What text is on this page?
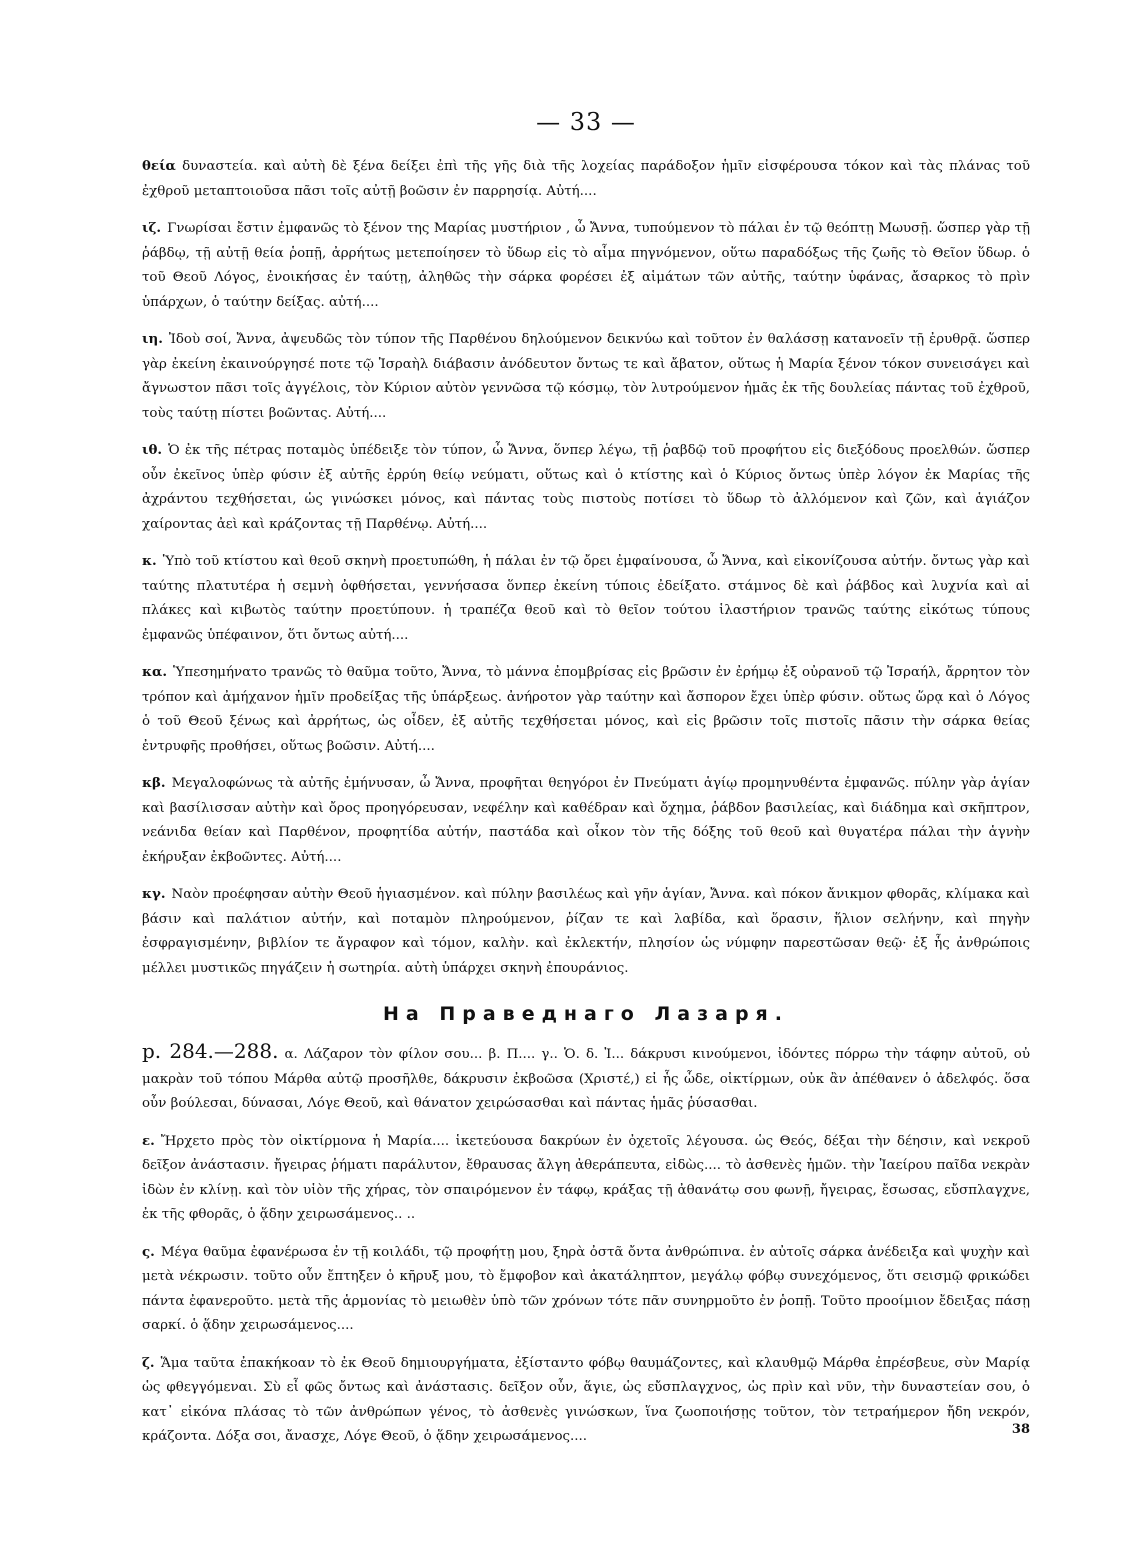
— 33 —

θεία δυναστεία. καὶ αὐτὴ δὲ ξένα δείξει ἐπὶ τῆς γῆς διὰ τῆς λοχείας παράδοξον ἡμῖν εἰσφέρουσα τόκον καὶ τὰς πλάνας τοῦ ἐχθροῦ μεταπτοιοῦσα πᾶσι τοῖς αὐτῇ βοῶσιν ἐν παρρησίᾳ. Αὐτή....

ιζ. Γνωρίσαι ἔστιν ἐμφανῶς τὸ ξένον της Μαρίας μυστήριον , ὦ Ἄννα, τυπούμενον τὸ πάλαι ἐν τῷ θεόπτῃ Μωυσῇ. ὥσπερ γὰρ τῇ ῥάβδῳ, τῇ αὐτῇ θεία ῥοπῇ, ἀρρήτως μετεποίησεν τὸ ὕδωρ εἰς τὸ αἷμα πηγνόμενον, οὕτω παραδόξως τῆς ζωῆς τὸ Θεῖον ὕδωρ. ὁ τοῦ Θεοῦ Λόγος, ἐνοικήσας ἐν ταύτῃ, ἀληθῶς τὴν σάρκα φορέσει ἐξ αἱμάτων τῶν αὐτῆς, ταύτην ὑφάνας, ἄσαρκος τὸ πρὶν ὑπάρχων, ὁ ταύτην δείξας. αὐτή....

ιη. Ἰδοὺ σοί, Ἄννα, ἀψευδῶς τὸν τύπον τῆς Παρθένου δηλούμενον δεικνύω καὶ τοῦτον ἐν θαλάσσῃ κατανοεῖν τῇ ἐρυθρᾷ. ὥσπερ γὰρ ἐκείνη ἐκαινούργησέ ποτε τῷ Ἰσραὴλ διάβασιν ἀνόδευτον ὄντως τε καὶ ἄβατον, οὕτως ἡ Μαρία ξένον τόκον συνεισάγει καὶ ἄγνωστον πᾶσι τοῖς ἀγγέλοις, τὸν Κύριον αὐτὸν γεννῶσα τῷ κόσμῳ, τὸν λυτρούμενον ἡμᾶς ἐκ τῆς δουλείας πάντας τοῦ ἐχθροῦ, τοὺς ταύτῃ πίστει βοῶντας. Αὐτή....

ιθ. Ὁ ἐκ τῆς πέτρας ποταμὸς ὑπέδειξε τὸν τύπον, ὦ Ἄννα, ὅνπερ λέγω, τῇ ῥαβδῷ τοῦ προφήτου εἰς διεξόδους προελθών. ὥσπερ οὖν ἐκεῖνος ὑπὲρ φύσιν ἐξ αὐτῆς ἐρρύη θείῳ νεύματι, οὕτως καὶ ὁ κτίστης καὶ ὁ Κύριος ὄντως ὑπὲρ λόγον ἐκ Μαρίας τῆς ἀχράντου τεχθήσεται, ὡς γινώσκει μόνος, καὶ πάντας τοὺς πιστοὺς ποτίσει τὸ ὕδωρ τὸ ἀλλόμενον καὶ ζῶν, καὶ ἁγιάζον χαίροντας ἀεὶ καὶ κράζοντας τῇ Παρθένῳ. Αὐτή....

κ. Ὑπὸ τοῦ κτίστου καὶ θεοῦ σκηνὴ προετυπώθη, ἡ πάλαι ἐν τῷ ὄρει ἐμφαίνουσα, ὦ Ἄννα, καὶ εἰκονίζουσα αὐτήν. ὄντως γὰρ καὶ ταύτης πλατυτέρα ἡ σεμνὴ ὀφθήσεται, γεννήσασα ὅνπερ ἐκείνη τύποις ἐδείξατο. στάμνος δὲ καὶ ῥάβδος καὶ λυχνία καὶ αἱ πλάκες καὶ κιβωτὸς ταύτην προετύπουν. ἡ τραπέζα θεοῦ καὶ τὸ θεῖον τούτου ἱλαστήριον τρανῶς ταύτης εἰκότως τύπους ἐμφανῶς ὑπέφαινον, ὅτι ὄντως αὐτή....

κα. Ὑπεσημήνατο τρανῶς τὸ θαῦμα τοῦτο, Ἄννα, τὸ μάννα ἐπομβρίσας εἰς βρῶσιν ἐν ἐρήμῳ ἐξ οὐρανοῦ τῷ Ἰσραήλ, ἄρρητον τὸν τρόπον καὶ ἀμήχανον ἡμῖν προδείξας τῆς ὑπάρξεως. ἀνήροτον γὰρ ταύτην καὶ ἄσπορον ἔχει ὑπὲρ φύσιν. οὕτως ὥρᾳ καὶ ὁ Λόγος ὁ τοῦ Θεοῦ ξένως καὶ ἀρρήτως, ὡς οἶδεν, ἐξ αὐτῆς τεχθήσεται μόνος, καὶ εἰς βρῶσιν τοῖς πιστοῖς πᾶσιν τὴν σάρκα θείας ἐντρυφῆς προθήσει, οὕτως βοῶσιν. Αὐτή....

κβ. Μεγαλοφώνως τὰ αὐτῆς ἐμήνυσαν, ὦ Ἄννα, προφῆται θεηγόροι ἐν Πνεύματι ἁγίῳ προμηνυθέντα ἐμφανῶς. πύλην γὰρ ἁγίαν καὶ βασίλισσαν αὐτὴν καὶ ὄρος προηγόρευσαν, νεφέλην καὶ καθέδραν καὶ ὄχημα, ῥάβδον βασιλείας, καὶ διάδημα καὶ σκῆπτρον, νεάνιδα θείαν καὶ Παρθένον, προφητίδα αὐτήν, παστάδα καὶ οἶκον τὸν τῆς δόξης τοῦ θεοῦ καὶ θυγατέρα πάλαι τὴν ἁγνὴν ἐκήρυξαν ἐκβοῶντες. Αὐτή....

κγ. Ναὸν προέφησαν αὐτὴν Θεοῦ ἡγιασμένον. καὶ πύλην βασιλέως καὶ γῆν ἁγίαν, Ἄννα. καὶ πόκον ἄνικμον φθορᾶς, κλίμακα καὶ βάσιν καὶ παλάτιον αὐτήν, καὶ ποταμὸν πληρούμενον, ῥίζαν τε καὶ λαβίδα, καὶ ὅρασιν, ἥλιον σελήνην, καὶ πηγὴν ἐσφραγισμένην, βιβλίον τε ἄγραφον καὶ τόμον, καλὴν. καὶ ἐκλεκτήν, πλησίον ὡς νύμφην παρεστῶσαν θεῷ· ἐξ ἧς ἀνθρώποις μέλλει μυστικῶς πηγάζειν ἡ σωτηρία. αὐτὴ ὑπάρχει σκηνὴ ἐπουράνιος.

На Праведнаго Лазаря.

р. 284.—288. α. Λάζαρον τὸν φίλον σου... β. Π.... γ.. Ὁ. δ. Ἰ... δάκρυσι κινούμενοι, ἰδόντες πόρρω τὴν τάφην αὐτοῦ, οὐ μακρὰν τοῦ τόπου Μάρθα αὐτῷ προσῆλθε, δάκρυσιν ἐκβοῶσα (Χριστέ,) εἰ ἧς ὧδε, οἰκτίρμων, οὐκ ἂν ἀπέθανεν ὁ ἀδελφός. ὅσα οὖν βούλεσαι, δύνασαι, Λόγε Θεοῦ, καὶ θάνατον χειρώσασθαι καὶ πάντας ἡμᾶς ῥύσασθαι.

ε. Ἤρχετο πρὸς τὸν οἰκτίρμονα ἡ Μαρία.... ἱκετεύουσα δακρύων ἐν ὀχετοῖς λέγουσα. ὡς Θεός, δέξαι τὴν δέησιν, καὶ νεκροῦ δεῖξον ἀνάστασιν. ἤγειρας ῥήματι παράλυτον, ἔθραυσας ἄλγη ἀθεράπευτα, εἰδὼς.... τὸ ἀσθενὲς ἡμῶν. τὴν Ἰαείρου παῖδα νεκρὰν ἰδὼν ἐν κλίνῃ. καὶ τὸν υἱὸν τῆς χήρας, τὸν σπαιρόμενον ἐν τάφῳ, κράξας τῇ ἀθανάτῳ σου φωνῇ, ἤγειρας, ἔσωσας, εὔσπλαγχνε, ἐκ τῆς φθορᾶς, ὁ ᾅδην χειρωσάμενος.. ..

ς. Μέγα θαῦμα ἐφανέρωσα ἐν τῇ κοιλάδι, τῷ προφήτῃ μου, ξηρὰ ὀστᾶ ὄντα ἀνθρώπινα. ἐν αὐτοῖς σάρκα ἀνέδειξα καὶ ψυχὴν καὶ μετὰ νέκρωσιν. τοῦτο οὖν ἔπτηξεν ὁ κῆρυξ μου, τὸ ἔμφοβον καὶ ἀκατάληπτον, μεγάλῳ φόβῳ συνεχόμενος, ὅτι σεισμῷ φρικώδει πάντα ἐφανεροῦτο. μετὰ τῆς ἁρμονίας τὸ μειωθὲν ὑπὸ τῶν χρόνων τότε πᾶν συνηρμοῦτο ἐν ῥοπῇ. Τοῦτο προοίμιον ἔδειξας πάσῃ σαρκί. ὁ ᾅδην χειρωσάμενος....

ζ. Ἅμα ταῦτα ἐπακήκοαν τὸ ἐκ Θεοῦ δημιουργήματα, ἐξίσταντο φόβῳ θαυμάζοντες, καὶ κλαυθμῷ Μάρθα ἐπρέσβευε, σὺν Μαρίᾳ ὡς φθεγγόμεναι. Σὺ εἶ φῶς ὄντως καὶ ἀνάστασις. δεῖξον οὖν, ἅγιε, ὡς εὔσπλαγχνος, ὡς πρὶν καὶ νῦν, τὴν δυναστείαν σου, ὁ κατ᾿ εἰκόνα πλάσας τὸ τῶν ἀνθρώπων γένος, τὸ ἀσθενὲς γινώσκων, ἵνα ζωοποιήσῃς τοῦτον, τὸν τετραήμερον ἤδη νεκρόν, κράζοντα. Δόξα σοι, ἄνασχε, Λόγε Θεοῦ, ὁ ᾅδην χειρωσάμενος....	38
